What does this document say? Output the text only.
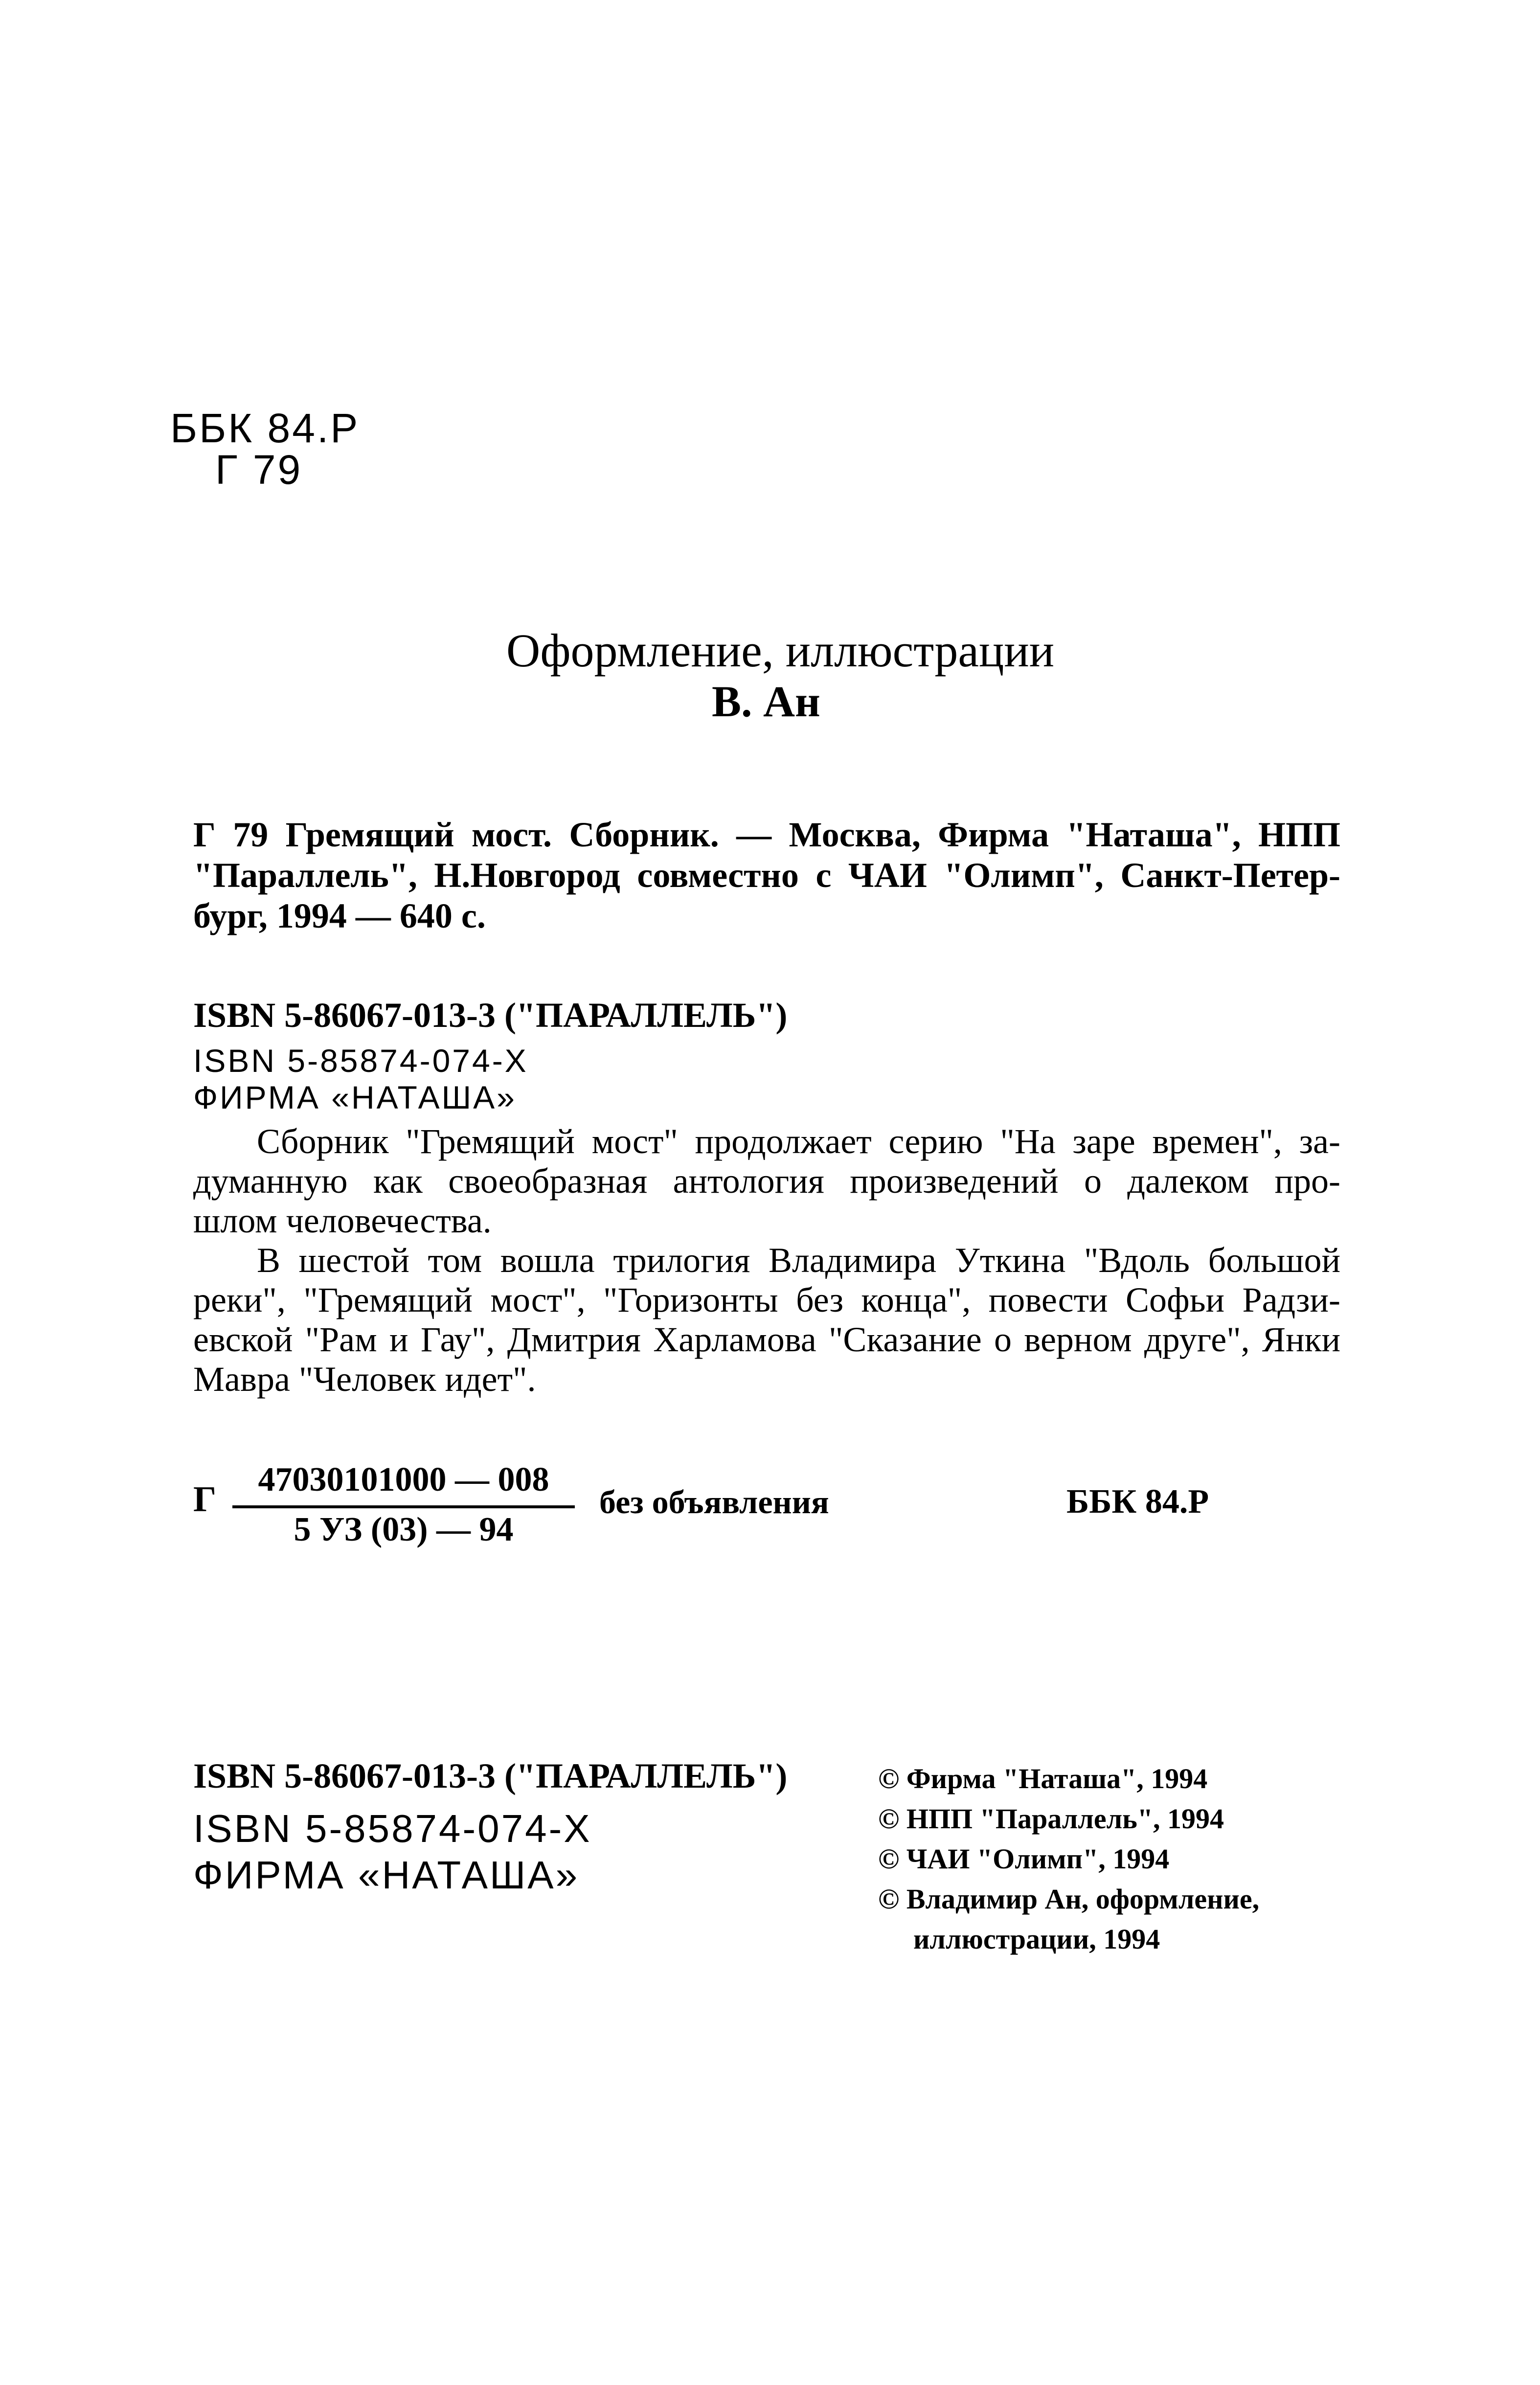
ББК 84.Р
Г 79
Оформление, иллюстрации
В. Ан
Г 79 Гремящий мост. Сборник. — Москва, Фирма "Наташа", НПП
"Параллель", Н.Новгород совместно с ЧАИ "Олимп", Санкт-Петер-
бург, 1994 — 640 с.
ISBN 5-86067-013-3 ("ПАРАЛЛЕЛЬ")
ISBN 5-85874-074-X
ФИРМА «НАТАША»
Сборник "Гремящий мост" продолжает серию "На заре времен", за-
думанную как своеобразная антология произведений о далеком про-
шлом человечества.
В шестой том вошла трилогия Владимира Уткина "Вдоль большой
реки", "Гремящий мост", "Горизонты без конца", повести Софьи Радзи-
евской "Рам и Гау", Дмитрия Харламова "Сказание о верном друге", Янки
Мавра "Человек идет".
Г	47030101000 — 008
5 УЗ (03) — 94
без объявления	ББК 84.Р
ISBN 5-86067-013-3 ("ПАРАЛЛЕЛЬ")
ISBN 5-85874-074-X
ФИРМА «НАТАША»
© Фирма "Наташа", 1994
© НПП "Параллель", 1994
© ЧАИ "Олимп", 1994
© Владимир Ан, оформление,
иллюстрации, 1994
